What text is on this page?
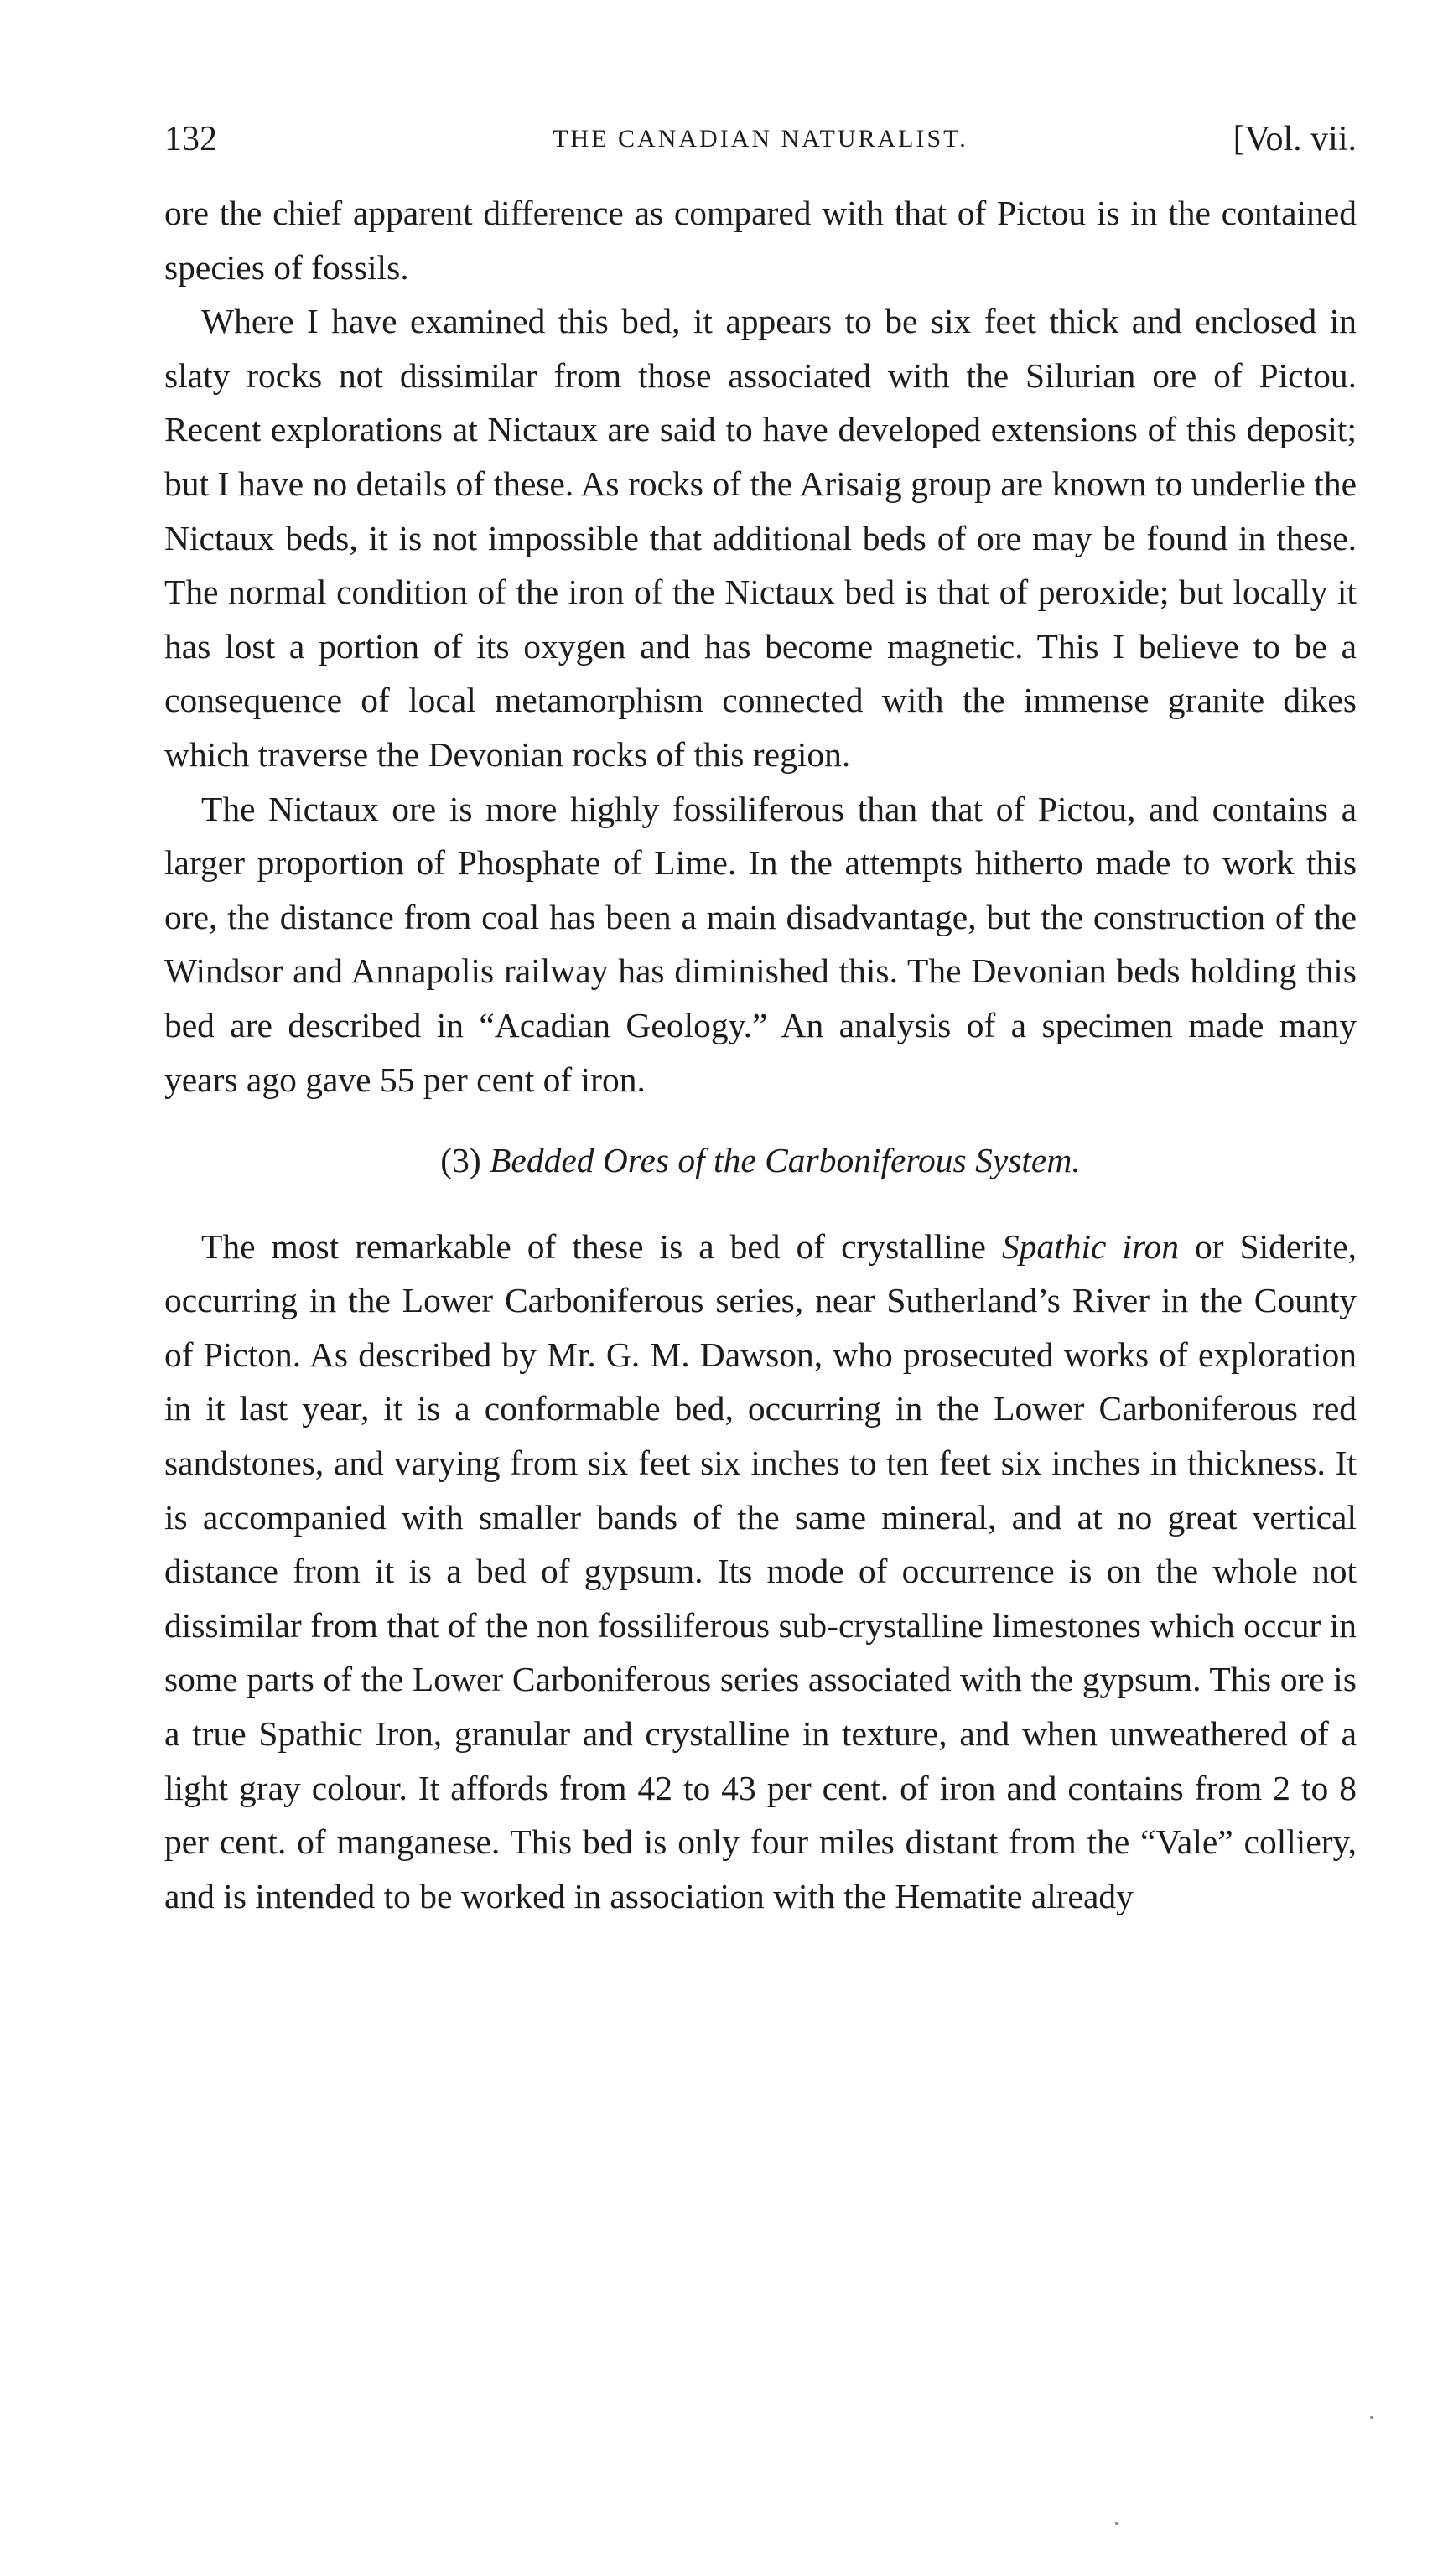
132	THE CANADIAN NATURALIST.	[Vol. vii.

ore the chief apparent difference as compared with that of Pictou is in the contained species of fossils.

Where I have examined this bed, it appears to be six feet thick and enclosed in slaty rocks not dissimilar from those associated with the Silurian ore of Pictou. Recent explorations at Nictaux are said to have developed extensions of this deposit; but I have no details of these. As rocks of the Arisaig group are known to underlie the Nictaux beds, it is not impossible that additional beds of ore may be found in these. The normal condition of the iron of the Nictaux bed is that of peroxide; but locally it has lost a portion of its oxygen and has become magnetic. This I believe to be a consequence of local metamorphism connected with the immense granite dikes which traverse the Devonian rocks of this region.

The Nictaux ore is more highly fossiliferous than that of Pictou, and contains a larger proportion of Phosphate of Lime. In the attempts hitherto made to work this ore, the distance from coal has been a main disadvantage, but the construction of the Windsor and Annapolis railway has diminished this. The Devonian beds holding this bed are described in “Acadian Geology.” An analysis of a specimen made many years ago gave 55 per cent of iron.

(3) Bedded Ores of the Carboniferous System.

The most remarkable of these is a bed of crystalline Spathic iron or Siderite, occurring in the Lower Carboniferous series, near Sutherland’s River in the County of Picton. As described by Mr. G. M. Dawson, who prosecuted works of exploration in it last year, it is a conformable bed, occurring in the Lower Carboniferous red sandstones, and varying from six feet six inches to ten feet six inches in thickness. It is accompanied with smaller bands of the same mineral, and at no great vertical distance from it is a bed of gypsum. Its mode of occurrence is on the whole not dissimilar from that of the non fossiliferous sub-crystalline limestones which occur in some parts of the Lower Carboniferous series associated with the gypsum. This ore is a true Spathic Iron, granular and crystalline in texture, and when unweathered of a light gray colour. It affords from 42 to 43 per cent. of iron and contains from 2 to 8 per cent. of manganese. This bed is only four miles distant from the “Vale” colliery, and is intended to be worked in association with the Hematite already
